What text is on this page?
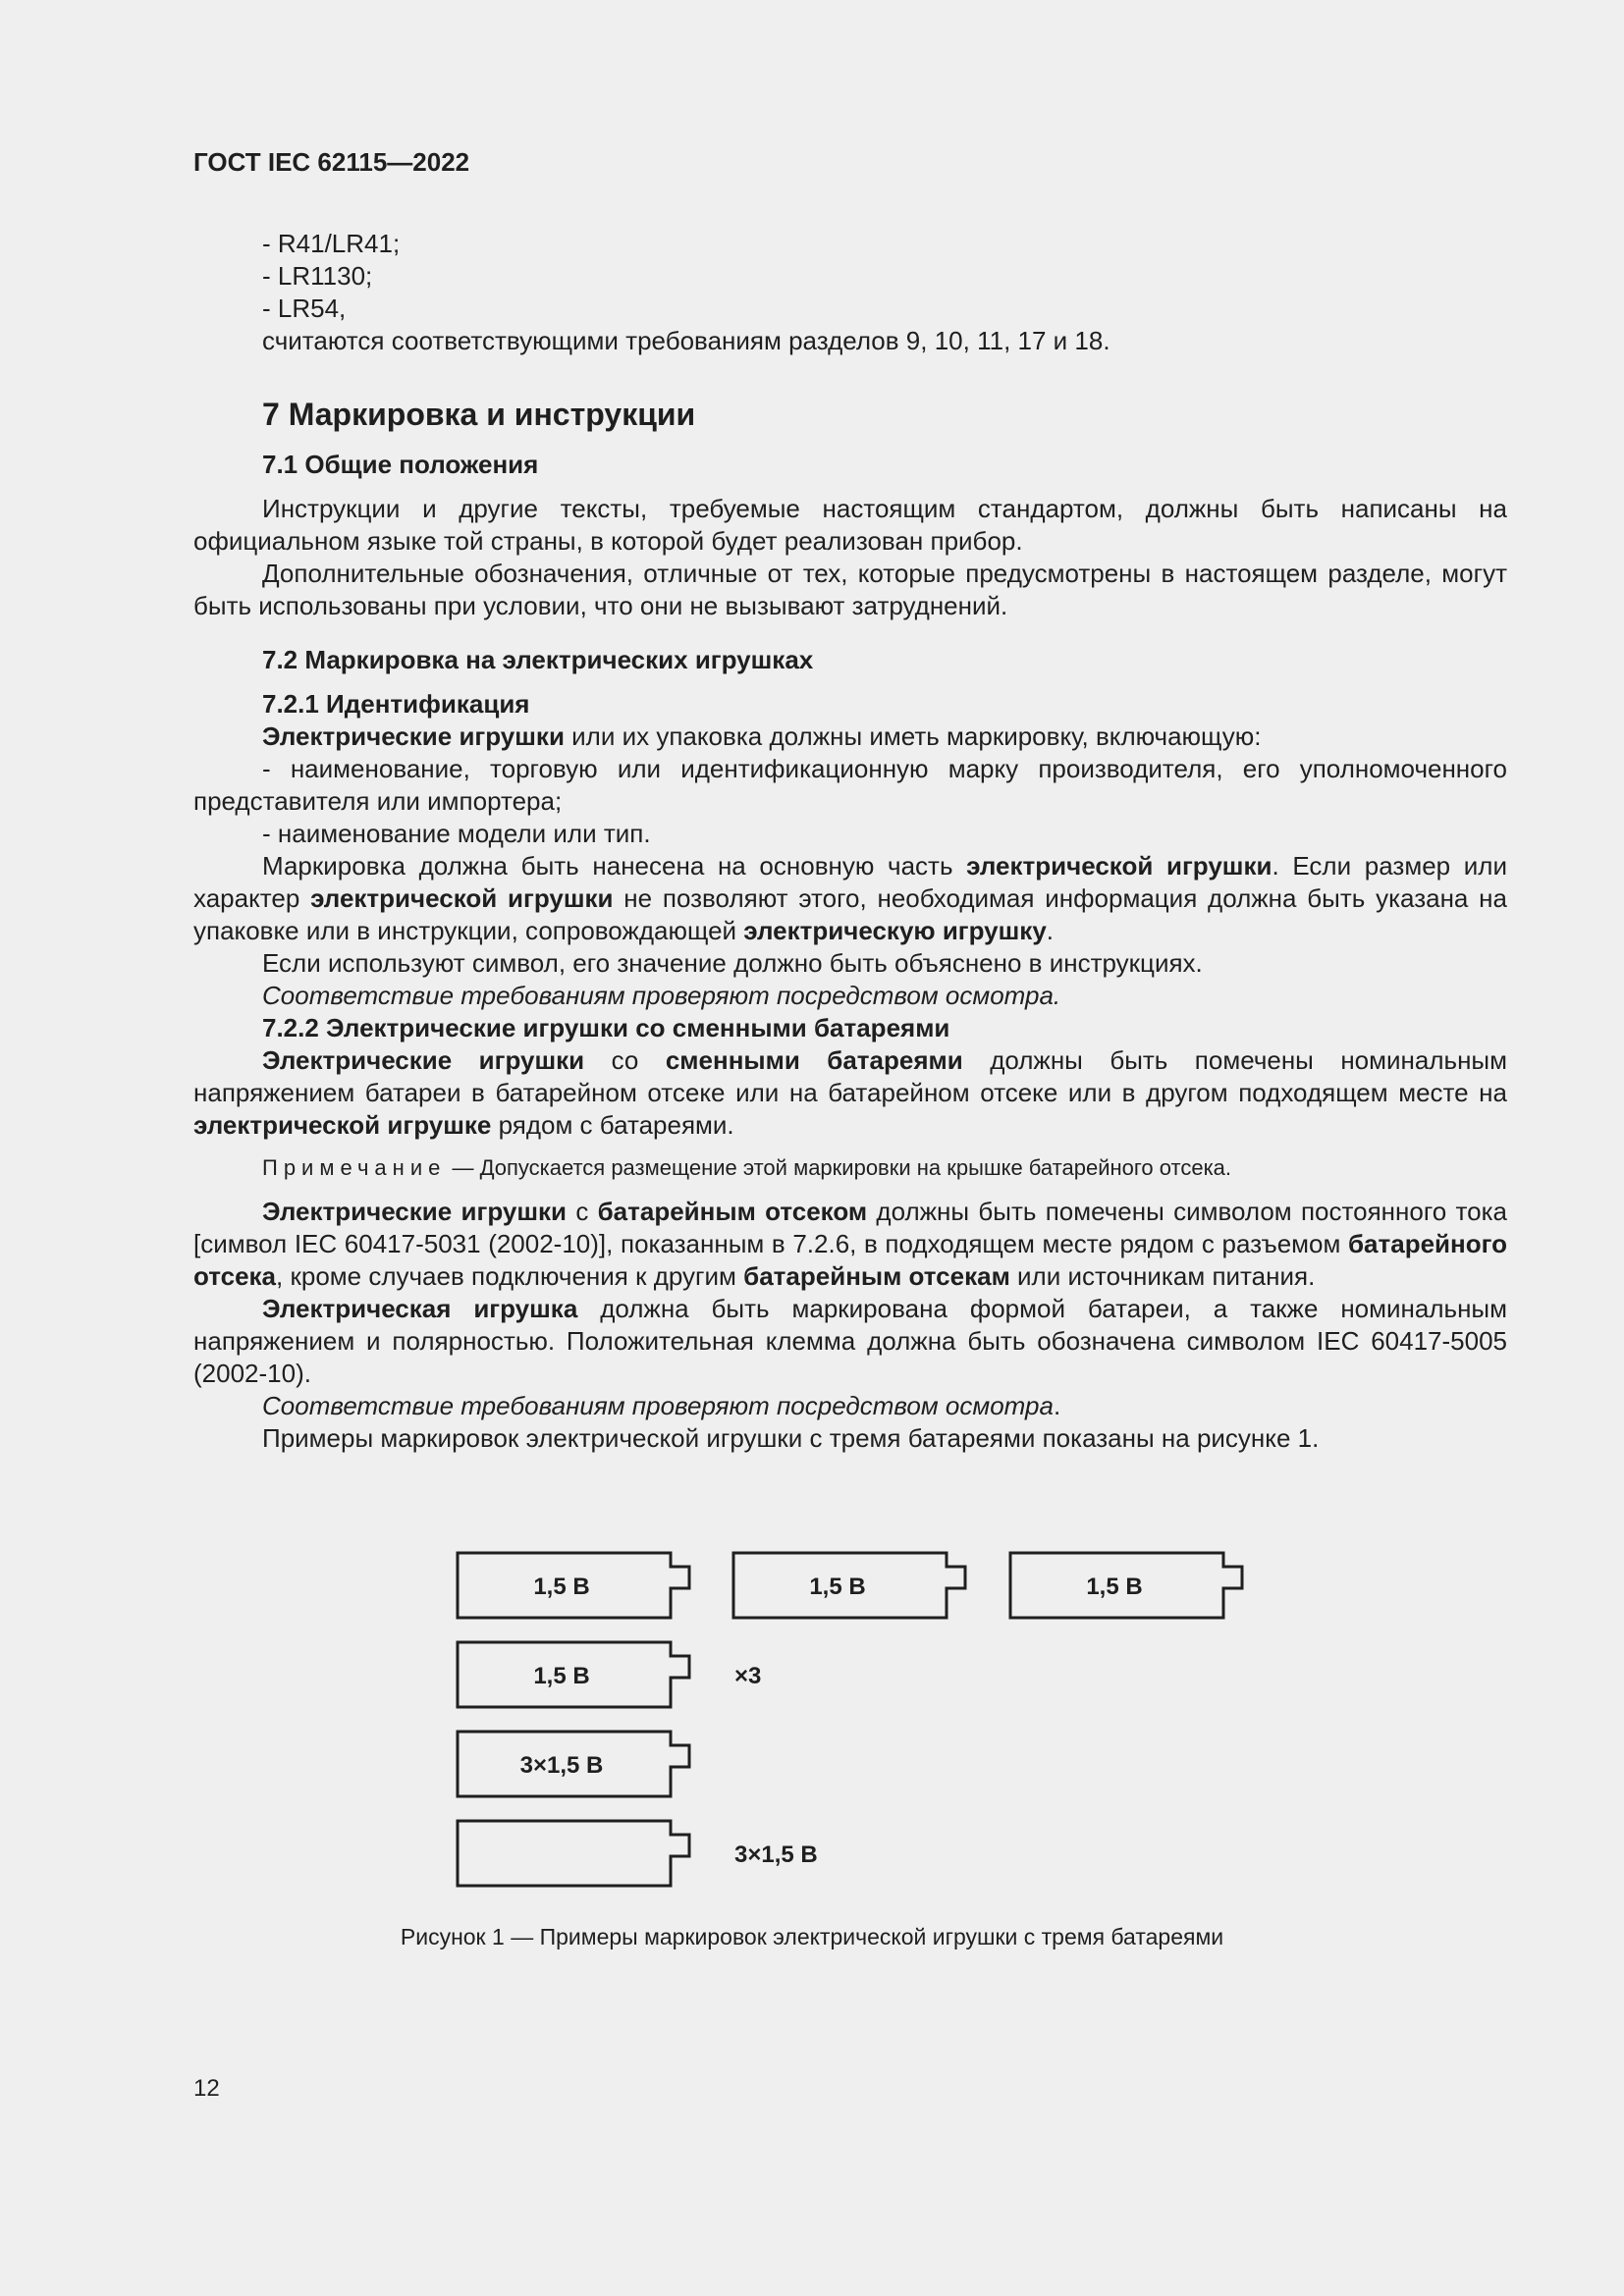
ГОСТ IEC 62115—2022

- R41/LR41;

- LR1130;

- LR54,

считаются соответствующими требованиям разделов 9, 10, 11, 17 и 18.

7 Маркировка и инструкции

7.1 Общие положения

Инструкции и другие тексты, требуемые настоящим стандартом, должны быть написаны на официальном языке той страны, в которой будет реализован прибор.

Дополнительные обозначения, отличные от тех, которые предусмотрены в настоящем разделе, могут быть использованы при условии, что они не вызывают затруднений.

7.2 Маркировка на электрических игрушках

7.2.1 Идентификация

Электрические игрушки или их упаковка должны иметь маркировку, включающую:

- наименование, торговую или идентификационную марку производителя, его уполномоченного представителя или импортера;

- наименование модели или тип.

Маркировка должна быть нанесена на основную часть электрической игрушки. Если размер или характер электрической игрушки не позволяют этого, необходимая информация должна быть указана на упаковке или в инструкции, сопровождающей электрическую игрушку.

Если используют символ, его значение должно быть объяснено в инструкциях.

Соответствие требованиям проверяют посредством осмотра.

7.2.2 Электрические игрушки со сменными батареями

Электрические игрушки со сменными батареями должны быть помечены номинальным напряжением батареи в батарейном отсеке или на батарейном отсеке или в другом подходящем месте на электрической игрушке рядом с батареями.

Примечание — Допускается размещение этой маркировки на крышке батарейного отсека.

Электрические игрушки с батарейным отсеком должны быть помечены символом постоянного тока [символ IEC 60417-5031 (2002-10)], показанным в 7.2.6, в подходящем месте рядом с разъемом батарейного отсека, кроме случаев подключения к другим батарейным отсекам или источникам питания.

Электрическая игрушка должна быть маркирована формой батареи, а также номинальным напряжением и полярностью. Положительная клемма должна быть обозначена символом IEC 60417-5005 (2002-10).

Соответствие требованиям проверяют посредством осмотра.

Примеры маркировок электрической игрушки с тремя батареями показаны на рисунке 1.

1,5 В	1,5 В	1,5 В
1,5 В	×3
3×1,5 В
3×1,5 В
Рисунок 1 — Примеры маркировок электрической игрушки с тремя батареями
12
